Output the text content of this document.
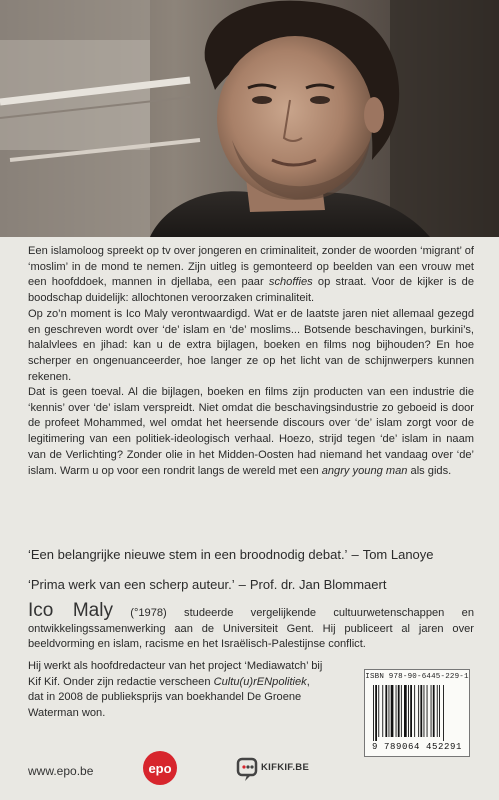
Een islamoloog spreekt op tv over jongeren en criminaliteit, zonder de woorden ‘migrant’ of ‘moslim’ in de mond te nemen. Zijn uitleg is gemonteerd op beelden van een vrouw met een hoofddoek, mannen in djellaba, een paar schoffies op straat. Voor de kijker is de boodschap duidelijk: allochtonen veroorzaken criminaliteit.

Op zo’n moment is Ico Maly verontwaardigd. Wat er de laatste jaren niet allemaal gezegd en geschreven wordt over ‘de’ islam en ‘de’ moslims... Botsende beschavingen, burkini’s, halalvlees en jihad: kan u de extra bijlagen, boeken en films nog bijhouden? En hoe scherper en ongenuanceerder, hoe langer ze op het licht van de schijnwerpers kunnen rekenen.

Dat is geen toeval. Al die bijlagen, boeken en films zijn producten van een industrie die ‘kennis’ over ‘de’ islam verspreidt. Niet omdat die beschavingsindustrie zo geboeid is door de profeet Mohammed, wel omdat het heersende discours over ‘de’ islam zorgt voor de legitimering van een politiek-ideologisch verhaal. Hoezo, strijd tegen ‘de’ islam in naam van de Verlichting? Zonder olie in het Midden-Oosten had niemand het vandaag over ‘de’ islam. Warm u op voor een rondrit langs de wereld met een angry young man als gids.

‘Een belangrijke nieuwe stem in een broodnodig debat.’ – Tom Lanoye
‘Prima werk van een scherp auteur.’ – Prof. dr. Jan Blommaert

Ico Maly (°1978) studeerde vergelijkende cultuurwetenschappen en ontwikkelingssamenwerking aan de Universiteit Gent. Hij publiceert al jaren over beeldvorming en islam, racisme en het Israëlisch-Palestijnse conflict.

Hij werkt als hoofdredacteur van het project ‘Mediawatch’ bij Kif Kif. Onder zijn redactie verscheen Cultu(u)rENpolitiek, dat in 2008 de publieksprijs van boekhandel De Groene Waterman won.

ISBN 978-90-6445-229-1
9 789064 452291
www.epo.be	epo	KIFKIF.BE
